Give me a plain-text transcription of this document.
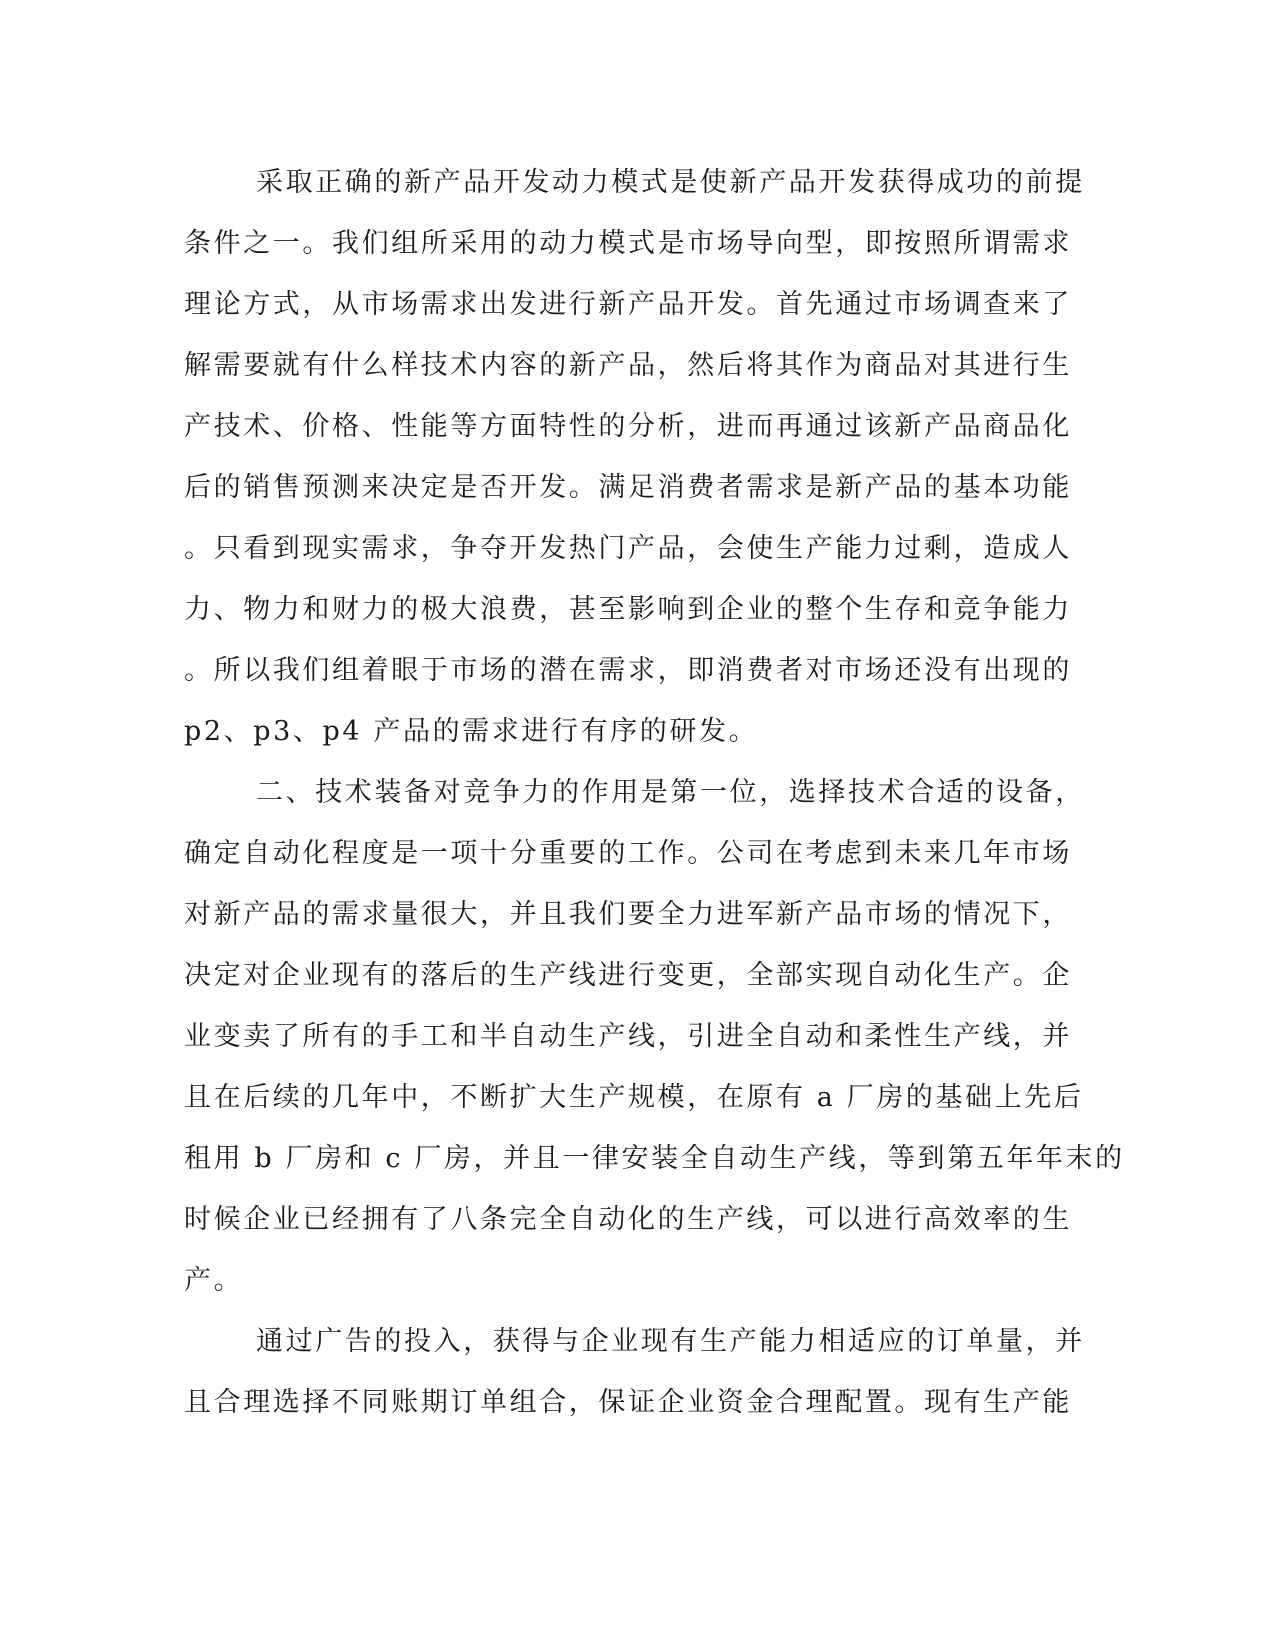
采取正确的新产品开发动力模式是使新产品开发获得成功的前提
条件之一。我们组所采用的动力模式是市场导向型，即按照所谓需求
理论方式，从市场需求出发进行新产品开发。首先通过市场调查来了
解需要就有什么样技术内容的新产品，然后将其作为商品对其进行生
产技术、价格、性能等方面特性的分析，进而再通过该新产品商品化
后的销售预测来决定是否开发。满足消费者需求是新产品的基本功能
。只看到现实需求，争夺开发热门产品，会使生产能力过剩，造成人
力、物力和财力的极大浪费，甚至影响到企业的整个生存和竞争能力
。所以我们组着眼于市场的潜在需求，即消费者对市场还没有出现的
p2、p3、p4 产品的需求进行有序的研发。
二、技术装备对竞争力的作用是第一位，选择技术合适的设备，
确定自动化程度是一项十分重要的工作。公司在考虑到未来几年市场
对新产品的需求量很大，并且我们要全力进军新产品市场的情况下，
决定对企业现有的落后的生产线进行变更，全部实现自动化生产。企
业变卖了所有的手工和半自动生产线，引进全自动和柔性生产线，并
且在后续的几年中，不断扩大生产规模，在原有 a 厂房的基础上先后
租用 b 厂房和 c 厂房，并且一律安装全自动生产线，等到第五年年末的
时候企业已经拥有了八条完全自动化的生产线，可以进行高效率的生
产。
通过广告的投入，获得与企业现有生产能力相适应的订单量，并
且合理选择不同账期订单组合，保证企业资金合理配置。现有生产能
